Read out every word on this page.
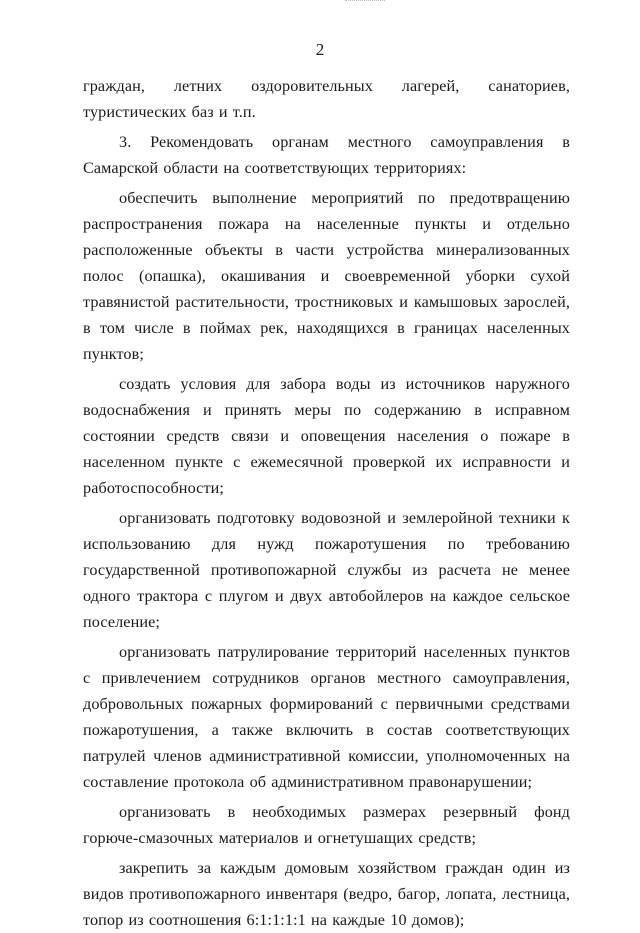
2

граждан, летних оздоровительных лагерей, санаториев, туристических баз и т.п.

3. Рекомендовать органам местного самоуправления в Самарской области на соответствующих территориях:

обеспечить выполнение мероприятий по предотвращению распространения пожара на населенные пункты и отдельно расположенные объекты в части устройства минерализованных полос (опашка), окашивания и своевременной уборки сухой травянистой растительности, тростниковых и камышовых зарослей, в том числе в поймах рек, находящихся в границах населенных пунктов;

создать условия для забора воды из источников наружного водоснабжения и принять меры по содержанию в исправном состоянии средств связи и оповещения населения о пожаре в населенном пункте с ежемесячной проверкой их исправности и работоспособности;

организовать подготовку водовозной и землеройной техники к использованию для нужд пожаротушения по требованию государственной противопожарной службы из расчета не менее одного трактора с плугом и двух автобойлеров на каждое сельское поселение;

организовать патрулирование территорий населенных пунктов с привлечением сотрудников органов местного самоуправления, добровольных пожарных формирований с первичными средствами пожаротушения, а также включить в состав соответствующих патрулей членов административной комиссии, уполномоченных на составление протокола об административном правонарушении;

организовать в необходимых размерах резервный фонд горюче-смазочных материалов и огнетушащих средств;

закрепить за каждым домовым хозяйством граждан один из видов противопожарного инвентаря (ведро, багор, лопата, лестница, топор из соотношения 6:1:1:1:1 на каждые 10 домов);
